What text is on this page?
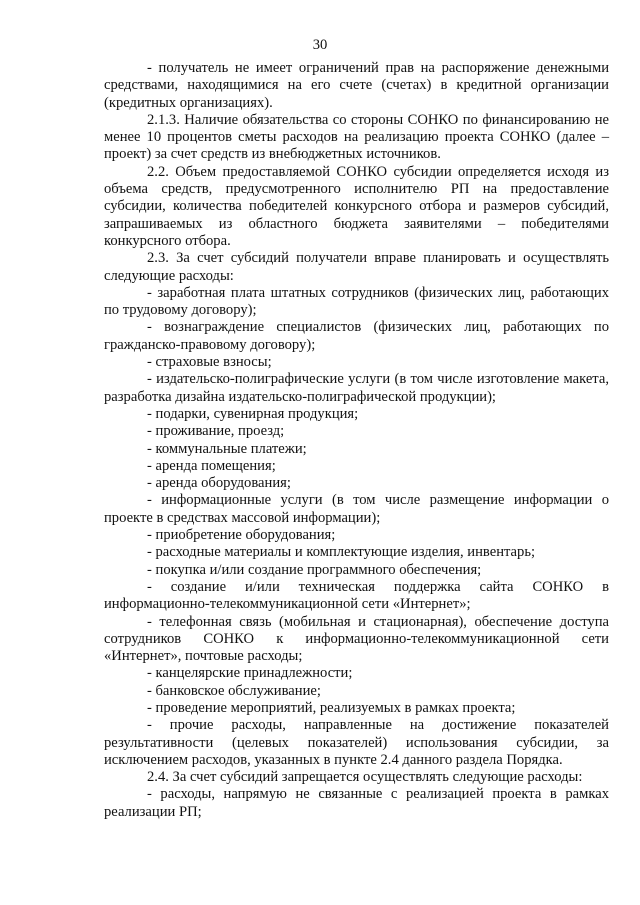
30

- получатель не имеет ограничений прав на распоряжение денежными средствами, находящимися на его счете (счетах) в кредитной организации (кредитных организациях).

2.1.3. Наличие обязательства со стороны СОНКО по финансированию не менее 10 процентов сметы расходов на реализацию проекта СОНКО (далее – проект) за счет средств из внебюджетных источников.

2.2. Объем предоставляемой СОНКО субсидии определяется исходя из объема средств, предусмотренного исполнителю РП на предоставление субсидии, количества победителей конкурсного отбора и размеров субсидий, запрашиваемых из областного бюджета заявителями – победителями конкурсного отбора.

2.3. За счет субсидий получатели вправе планировать и осуществлять следующие расходы:

- заработная плата штатных сотрудников (физических лиц, работающих по трудовому договору);

- вознаграждение специалистов (физических лиц, работающих по гражданско-правовому договору);

- страховые взносы;

- издательско-полиграфические услуги (в том числе изготовление макета, разработка дизайна издательско-полиграфической продукции);

- подарки, сувенирная продукция;

- проживание, проезд;

- коммунальные платежи;

- аренда помещения;

- аренда оборудования;

- информационные услуги (в том числе размещение информации о проекте в средствах массовой информации);

- приобретение оборудования;

- расходные материалы и комплектующие изделия, инвентарь;

- покупка и/или создание программного обеспечения;

- создание и/или техническая поддержка сайта СОНКО в информационно-телекоммуникационной сети «Интернет»;

- телефонная связь (мобильная и стационарная), обеспечение доступа сотрудников СОНКО к информационно-телекоммуникационной сети «Интернет», почтовые расходы;

- канцелярские принадлежности;

- банковское обслуживание;

- проведение мероприятий, реализуемых в рамках проекта;

- прочие расходы, направленные на достижение показателей результативности (целевых показателей) использования субсидии, за исключением расходов, указанных в пункте 2.4 данного раздела Порядка.

2.4. За счет субсидий запрещается осуществлять следующие расходы:

- расходы, напрямую не связанные с реализацией проекта в рамках реализации РП;
